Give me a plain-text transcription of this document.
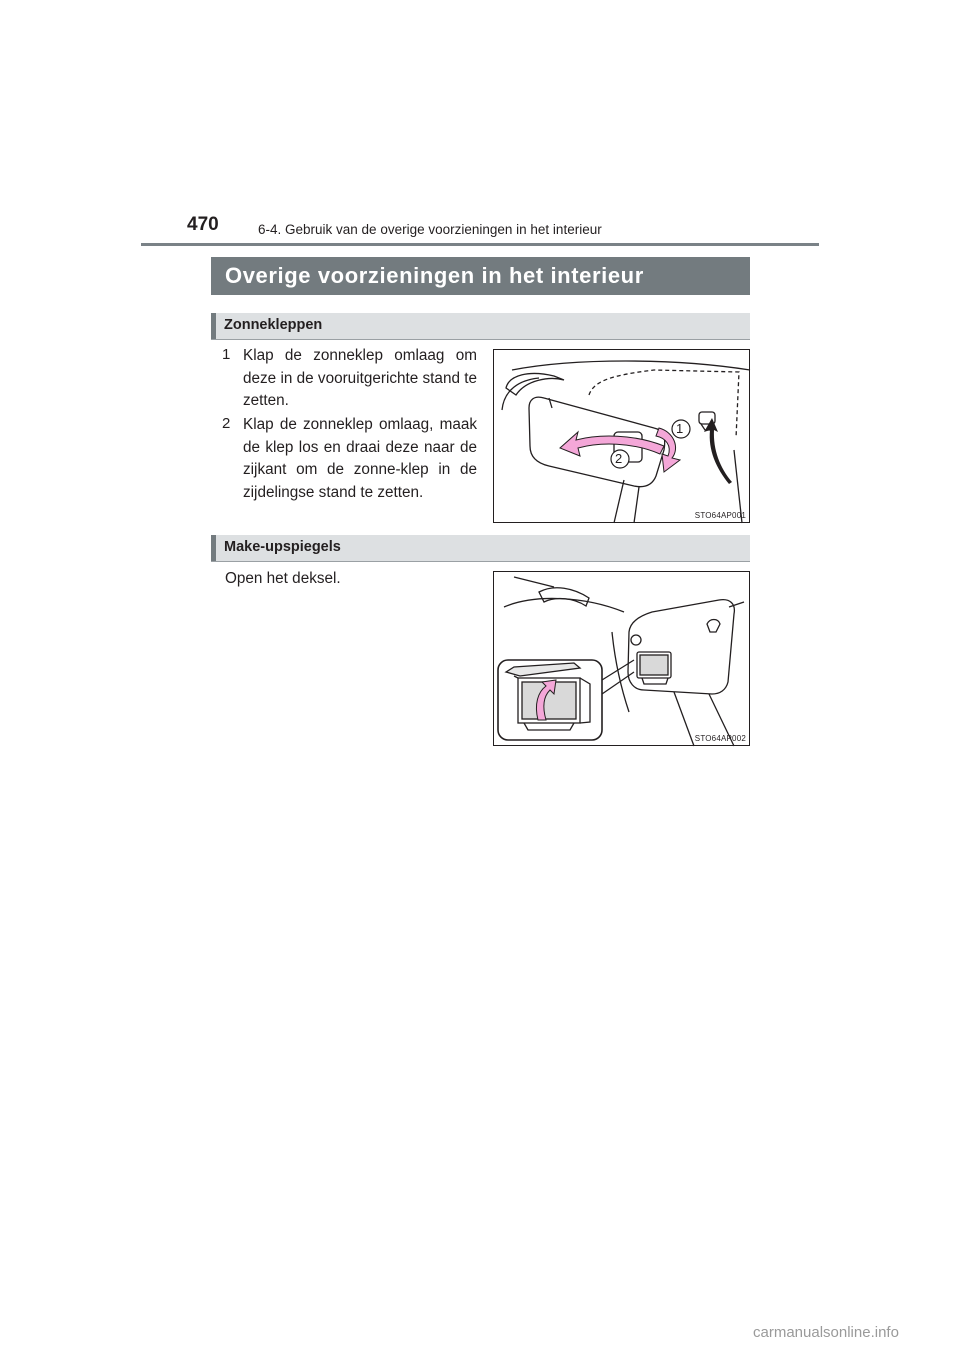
470	6-4. Gebruik van de overige voorzieningen in het interieur
Overige voorzieningen in het interieur
Zonnekleppen
1 Klap de zonneklep omlaag om deze in de vooruitgerichte stand te zetten.
2 Klap de zonneklep omlaag, maak de klep los en draai deze naar de zijkant om de zonne-klep in de zijdelingse stand te zetten.
1
2
STO64AP001
Make-upspiegels
Open het deksel.
STO64AP002
carmanualsonline.info
